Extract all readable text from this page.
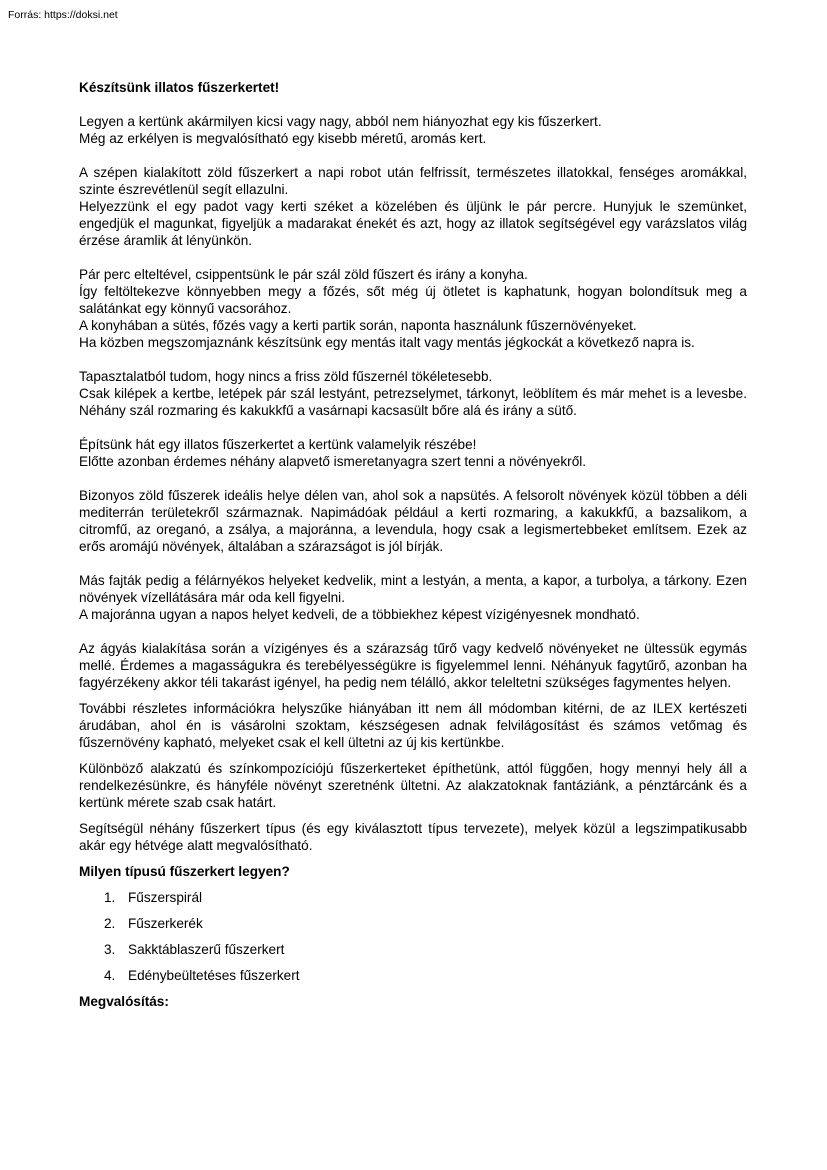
Forrás: https://doksi.net
Készítsünk illatos fűszerkertet!
Legyen a kertünk akármilyen kicsi vagy nagy, abból nem hiányozhat egy kis fűszerkert.
Még az erkélyen is megvalósítható egy kisebb méretű, aromás kert.
A szépen kialakított zöld fűszerkert a napi robot után felfrissít, természetes illatokkal, fenséges aromákkal, szinte észrevétlenül segít ellazulni.
Helyezzünk el egy padot vagy kerti széket a közelében és üljünk le pár percre. Hunyjuk le szemünket, engedjük el magunkat, figyeljük a madarakat énekét és azt, hogy az illatok segítségével egy varázslatos világ érzése áramlik át lényünkön.
Pár perc elteltével, csippentsünk le pár szál zöld fűszert és irány a konyha.
Így feltöltekezve könnyebben megy a főzés, sőt még új ötletet is kaphatunk, hogyan bolondítsuk meg a salátánkat egy könnyű vacsorához.
A konyhában a sütés, főzés vagy a kerti partik során, naponta használunk fűszernövényeket.
Ha közben megszomjaznánk készítsünk egy mentás italt vagy mentás jégkockát a következő napra is.
Tapasztalatból tudom, hogy nincs a friss zöld fűszernél tökéletesebb.
Csak kilépek a kertbe, letépek pár szál lestyánt, petrezselymet, tárkonyt, leöblítem és már mehet is a levesbe. Néhány szál rozmaring és kakukkfű a vasárnapi kacsasült bőre alá és irány a sütő.
Építsünk hát egy illatos fűszerkertet a kertünk valamelyik részébe!
Előtte azonban érdemes néhány alapvető ismeretanyagra szert tenni a növényekről.
Bizonyos zöld fűszerek ideális helye délen van, ahol sok a napsütés. A felsorolt növények közül többen a déli mediterrán területekről származnak. Napimádóak például a kerti rozmaring, a kakukkfű, a bazsalikom, a citromfű, az oreganó, a zsálya, a majoránna, a levendula, hogy csak a legismertebbeket említsem. Ezek az erős aromájú növények, általában a szárazságot is jól bírják.
Más fajták pedig a félárnyékos helyeket kedvelik, mint a lestyán, a menta, a kapor, a turbolya, a tárkony. Ezen növények vízellátására már oda kell figyelni.
A majoránna ugyan a napos helyet kedveli, de a többiekhez képest vízigényesnek mondható.
Az ágyás kialakítása során a vízigényes és a szárazság tűrő vagy kedvelő növényeket ne ültessük egymás mellé. Érdemes a magasságukra és terebélyességükre is figyelemmel lenni. Néhányuk fagytűrő, azonban ha fagyérzékeny akkor téli takarást igényel, ha pedig nem télálló, akkor teleltetni szükséges fagymentes helyen.
További részletes információkra helyszűke hiányában itt nem áll módomban kitérni, de az ILEX kertészeti árudában, ahol én is vásárolni szoktam, készségesen adnak felvilágosítást és számos vetőmag és fűszernövény kapható, melyeket csak el kell ültetni az új kis kertünkbe.
Különböző alakzatú és színkompozíciójú fűszerkerteket építhetünk, attól függően, hogy mennyi hely áll a rendelkezésünkre, és hányféle növényt szeretnénk ültetni. Az alakzatoknak fantáziánk, a pénztárcánk és a kertünk mérete szab csak határt.
Segítségül néhány fűszerkert típus (és egy kiválasztott típus tervezete), melyek közül a legszimpatikusabb akár egy hétvége alatt megvalósítható.
Milyen típusú fűszerkert legyen?
1. Fűszerspirál
2. Fűszerkerék
3. Sakktáblaszerű fűszerkert
4. Edénybeültetéses fűszerkert
Megvalósítás:
